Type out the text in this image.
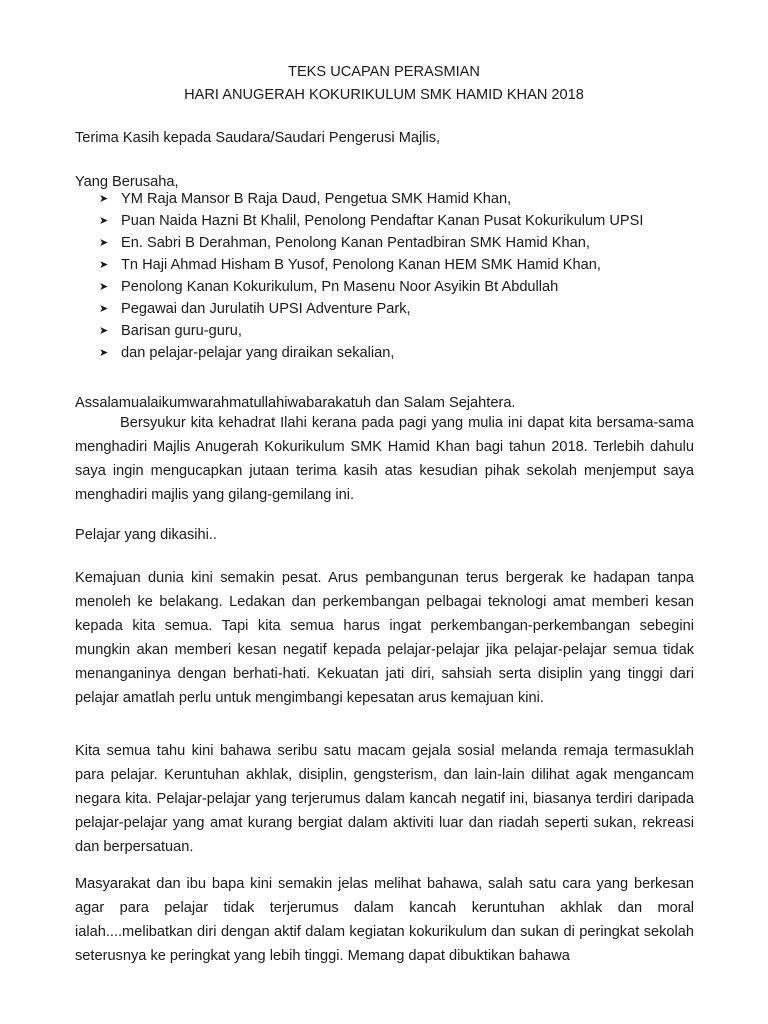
TEKS UCAPAN PERASMIAN
HARI ANUGERAH KOKURIKULUM SMK HAMID KHAN 2018
Terima Kasih kepada Saudara/Saudari Pengerusi Majlis,
Yang Berusaha,
➤ YM Raja Mansor B Raja Daud, Pengetua SMK Hamid Khan,
➤ Puan Naida Hazni Bt Khalil, Penolong Pendaftar Kanan Pusat Kokurikulum UPSI
➤ En. Sabri B Derahman, Penolong Kanan Pentadbiran SMK Hamid Khan,
➤ Tn Haji Ahmad Hisham B Yusof, Penolong Kanan HEM SMK Hamid Khan,
➤ Penolong Kanan Kokurikulum, Pn Masenu Noor Asyikin Bt Abdullah
➤ Pegawai dan Jurulatih UPSI Adventure Park,
➤ Barisan guru-guru,
➤ dan pelajar-pelajar yang diraikan sekalian,
Assalamualaikumwarahmatullahiwabarakatuh dan Salam Sejahtera.

Bersyukur kita kehadrat Ilahi kerana pada pagi yang mulia ini dapat kita bersama-sama menghadiri Majlis Anugerah Kokurikulum SMK Hamid Khan bagi tahun 2018. Terlebih dahulu saya ingin mengucapkan jutaan terima kasih atas kesudian pihak sekolah menjemput saya menghadiri majlis yang gilang-gemilang ini.

Pelajar yang dikasihi..

Kemajuan dunia kini semakin pesat. Arus pembangunan terus bergerak ke hadapan tanpa menoleh ke belakang. Ledakan dan perkembangan pelbagai teknologi amat memberi kesan kepada kita semua. Tapi kita semua harus ingat perkembangan-perkembangan sebegini mungkin akan memberi kesan negatif kepada pelajar-pelajar jika pelajar-pelajar semua tidak menanganinya dengan berhati-hati. Kekuatan jati diri, sahsiah serta disiplin yang tinggi dari pelajar amatlah perlu untuk mengimbangi kepesatan arus kemajuan kini.

Kita semua tahu kini bahawa seribu satu macam gejala sosial melanda remaja termasuklah para pelajar. Keruntuhan akhlak, disiplin, gengsterism, dan lain-lain dilihat agak mengancam negara kita. Pelajar-pelajar yang terjerumus dalam kancah negatif ini, biasanya terdiri daripada pelajar-pelajar yang amat kurang bergiat dalam aktiviti luar dan riadah seperti sukan, rekreasi dan berpersatuan.

Masyarakat dan ibu bapa kini semakin jelas melihat bahawa, salah satu cara yang berkesan agar para pelajar tidak terjerumus dalam kancah keruntuhan akhlak dan moral ialah....melibatkan diri dengan aktif dalam kegiatan kokurikulum dan sukan di peringkat sekolah seterusnya ke peringkat yang lebih tinggi. Memang dapat dibuktikan bahawa
